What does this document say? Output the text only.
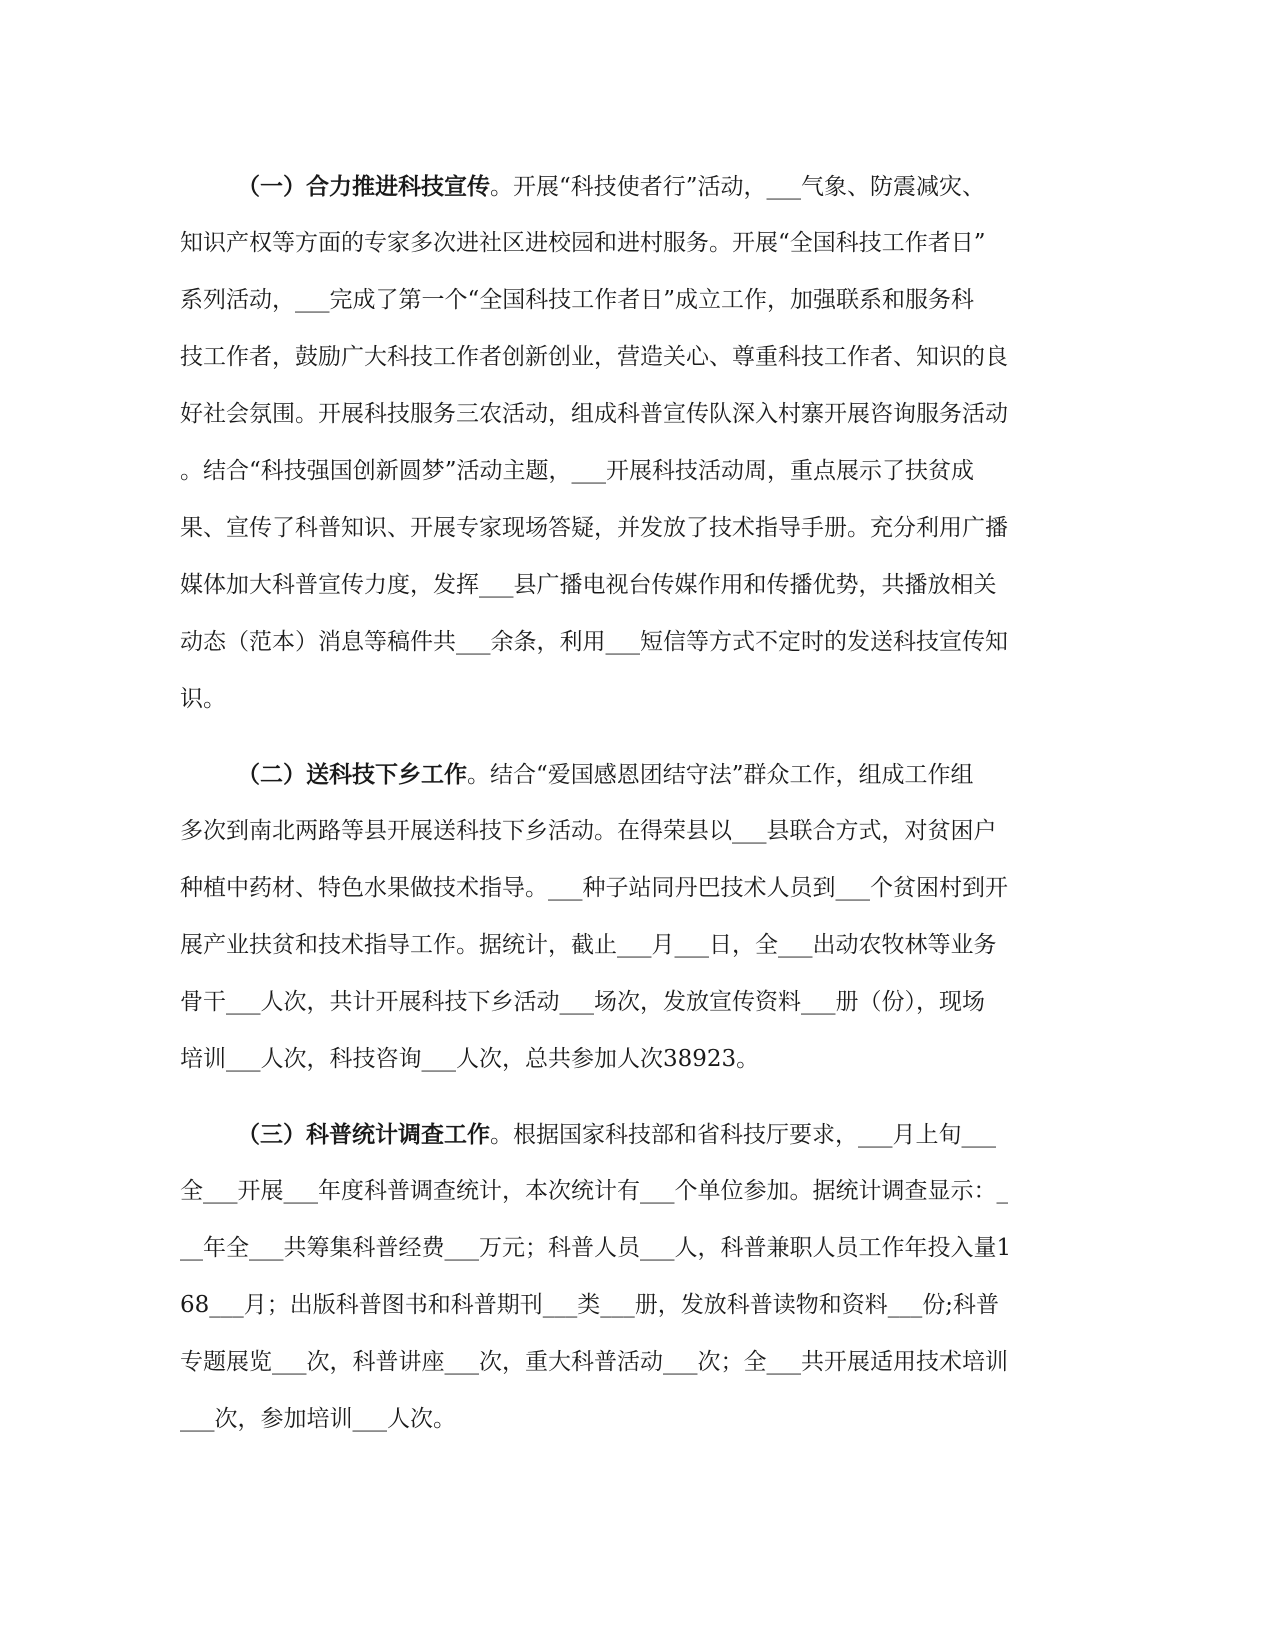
（一）合力推进科技宣传。开展“科技使者行”活动，___气象、防震减灾、
知识产权等方面的专家多次进社区进校园和进村服务。开展“全国科技工作者日”
系列活动，___完成了第一个“全国科技工作者日”成立工作，加强联系和服务科
技工作者，鼓励广大科技工作者创新创业，营造关心、尊重科技工作者、知识的良
好社会氛围。开展科技服务三农活动，组成科普宣传队深入村寨开展咨询服务活动
。结合“科技强国创新圆梦”活动主题，___开展科技活动周，重点展示了扶贫成
果、宣传了科普知识、开展专家现场答疑，并发放了技术指导手册。充分利用广播
媒体加大科普宣传力度，发挥___县广播电视台传媒作用和传播优势，共播放相关
动态（范本）消息等稿件共___余条，利用___短信等方式不定时的发送科技宣传知
识。
（二）送科技下乡工作。结合“爱国感恩团结守法”群众工作，组成工作组
多次到南北两路等县开展送科技下乡活动。在得荣县以___县联合方式，对贫困户
种植中药材、特色水果做技术指导。___种子站同丹巴技术人员到___个贫困村到开
展产业扶贫和技术指导工作。据统计，截止___月___日，全___出动农牧林等业务
骨干___人次，共计开展科技下乡活动___场次，发放宣传资料___册（份），现场
培训___人次，科技咨询___人次，总共参加人次38923。
（三）科普统计调查工作。根据国家科技部和省科技厅要求，___月上旬___
全___开展___年度科普调查统计，本次统计有___个单位参加。据统计调查显示：_
__年全___共筹集科普经费___万元；科普人员___人，科普兼职人员工作年投入量1
68___月；出版科普图书和科普期刊___类___册，发放科普读物和资料___份;科普
专题展览___次，科普讲座___次，重大科普活动___次；全___共开展适用技术培训
___次，参加培训___人次。
